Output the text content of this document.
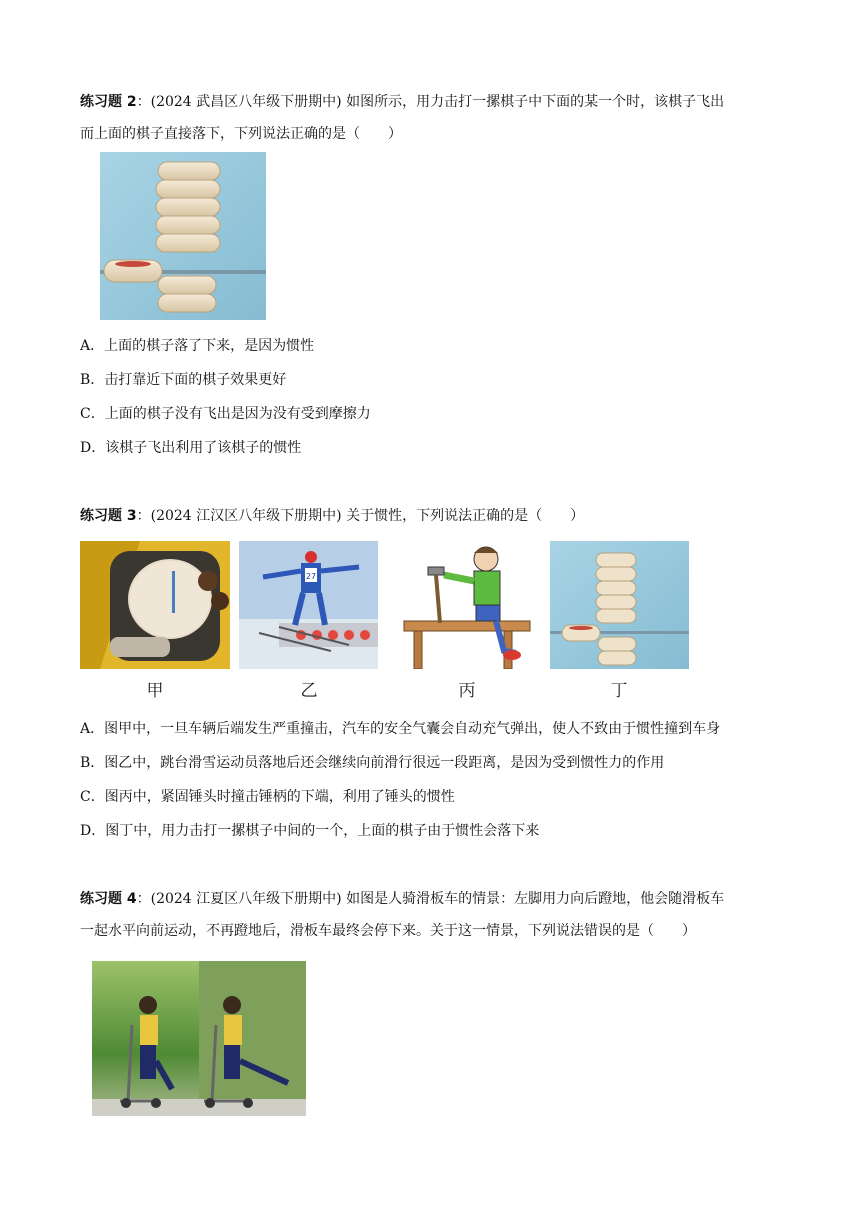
练习题 2：(2024 武昌区八年级下册期中) 如图所示，用力击打一摞棋子中下面的某一个时，该棋子飞出
而上面的棋子直接落下，下列说法正确的是（　　）
A．上面的棋子落了下来，是因为惯性
B．击打靠近下面的棋子效果更好
C．上面的棋子没有飞出是因为没有受到摩擦力
D．该棋子飞出利用了该棋子的惯性
练习题 3：(2024 江汉区八年级下册期中) 关于惯性，下列说法正确的是（　　）
27
甲	乙	丙	丁
A．图甲中，一旦车辆后端发生严重撞击，汽车的安全气囊会自动充气弹出，使人不致由于惯性撞到车身
B．图乙中，跳台滑雪运动员落地后还会继续向前滑行很远一段距离，是因为受到惯性力的作用
C．图丙中，紧固锤头时撞击锤柄的下端，利用了锤头的惯性
D．图丁中，用力击打一摞棋子中间的一个，上面的棋子由于惯性会落下来
练习题 4：(2024 江夏区八年级下册期中) 如图是人骑滑板车的情景：左脚用力向后蹬地，他会随滑板车
一起水平向前运动，不再蹬地后，滑板车最终会停下来。关于这一情景，下列说法错误的是（　　）
